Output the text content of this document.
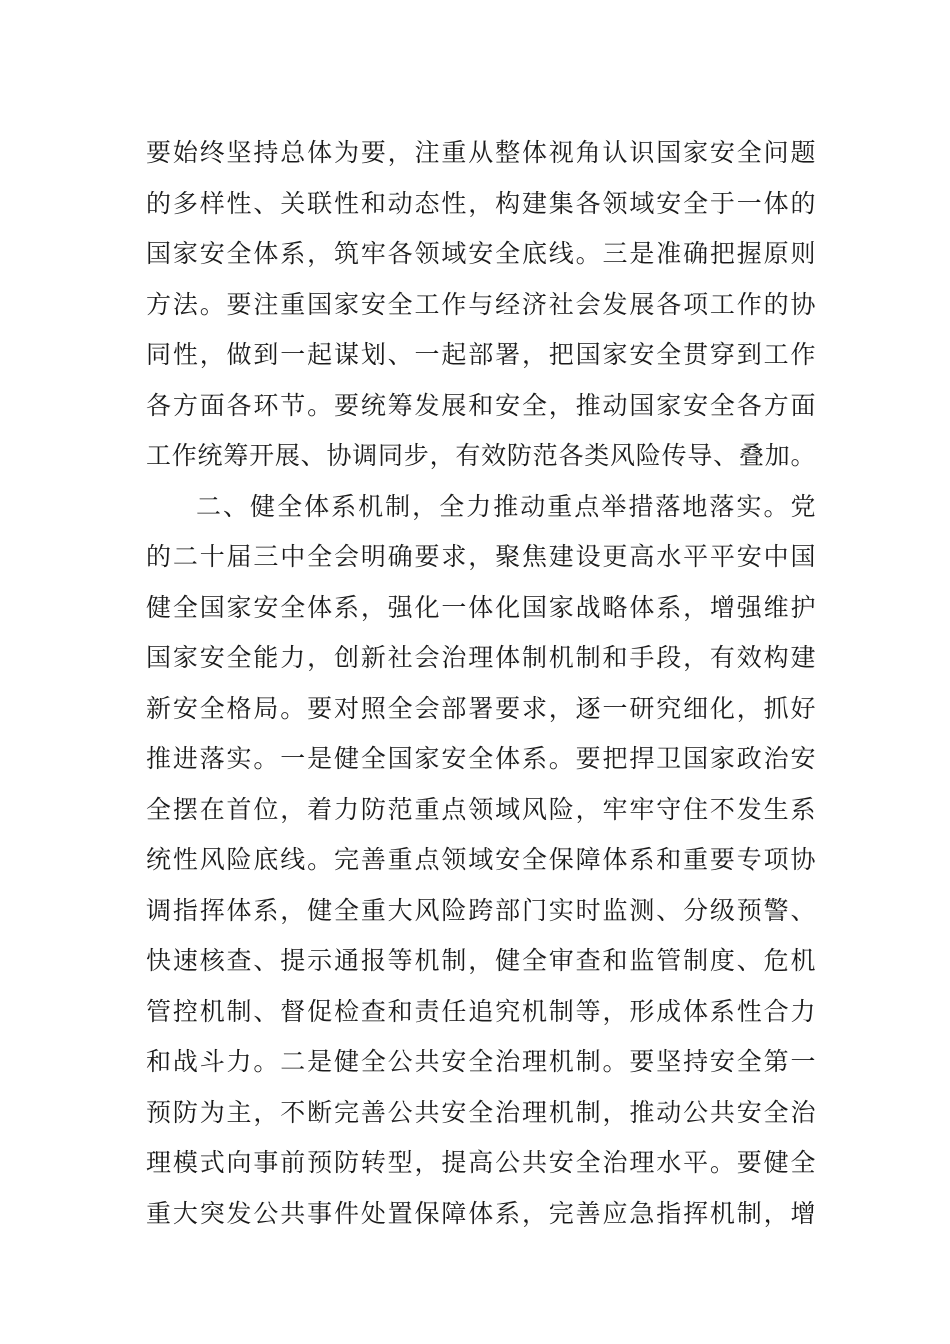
要始终坚持总体为要，注重从整体视角认识国家安全问题
的多样性、关联性和动态性，构建集各领域安全于一体的
国家安全体系，筑牢各领域安全底线。三是准确把握原则
方法。要注重国家安全工作与经济社会发展各项工作的协
同性，做到一起谋划、一起部署，把国家安全贯穿到工作
各方面各环节。要统筹发展和安全，推动国家安全各方面
工作统筹开展、协调同步，有效防范各类风险传导、叠加。
二、健全体系机制，全力推动重点举措落地落实。党
的二十届三中全会明确要求，聚焦建设更高水平平安中国
健全国家安全体系，强化一体化国家战略体系，增强维护
国家安全能力，创新社会治理体制机制和手段，有效构建
新安全格局。要对照全会部署要求，逐一研究细化，抓好
推进落实。一是健全国家安全体系。要把捍卫国家政治安
全摆在首位，着力防范重点领域风险，牢牢守住不发生系
统性风险底线。完善重点领域安全保障体系和重要专项协
调指挥体系，健全重大风险跨部门实时监测、分级预警、
快速核查、提示通报等机制，健全审查和监管制度、危机
管控机制、督促检查和责任追究机制等，形成体系性合力
和战斗力。二是健全公共安全治理机制。要坚持安全第一
预防为主，不断完善公共安全治理机制，推动公共安全治
理模式向事前预防转型，提高公共安全治理水平。要健全
重大突发公共事件处置保障体系，完善应急指挥机制，增
